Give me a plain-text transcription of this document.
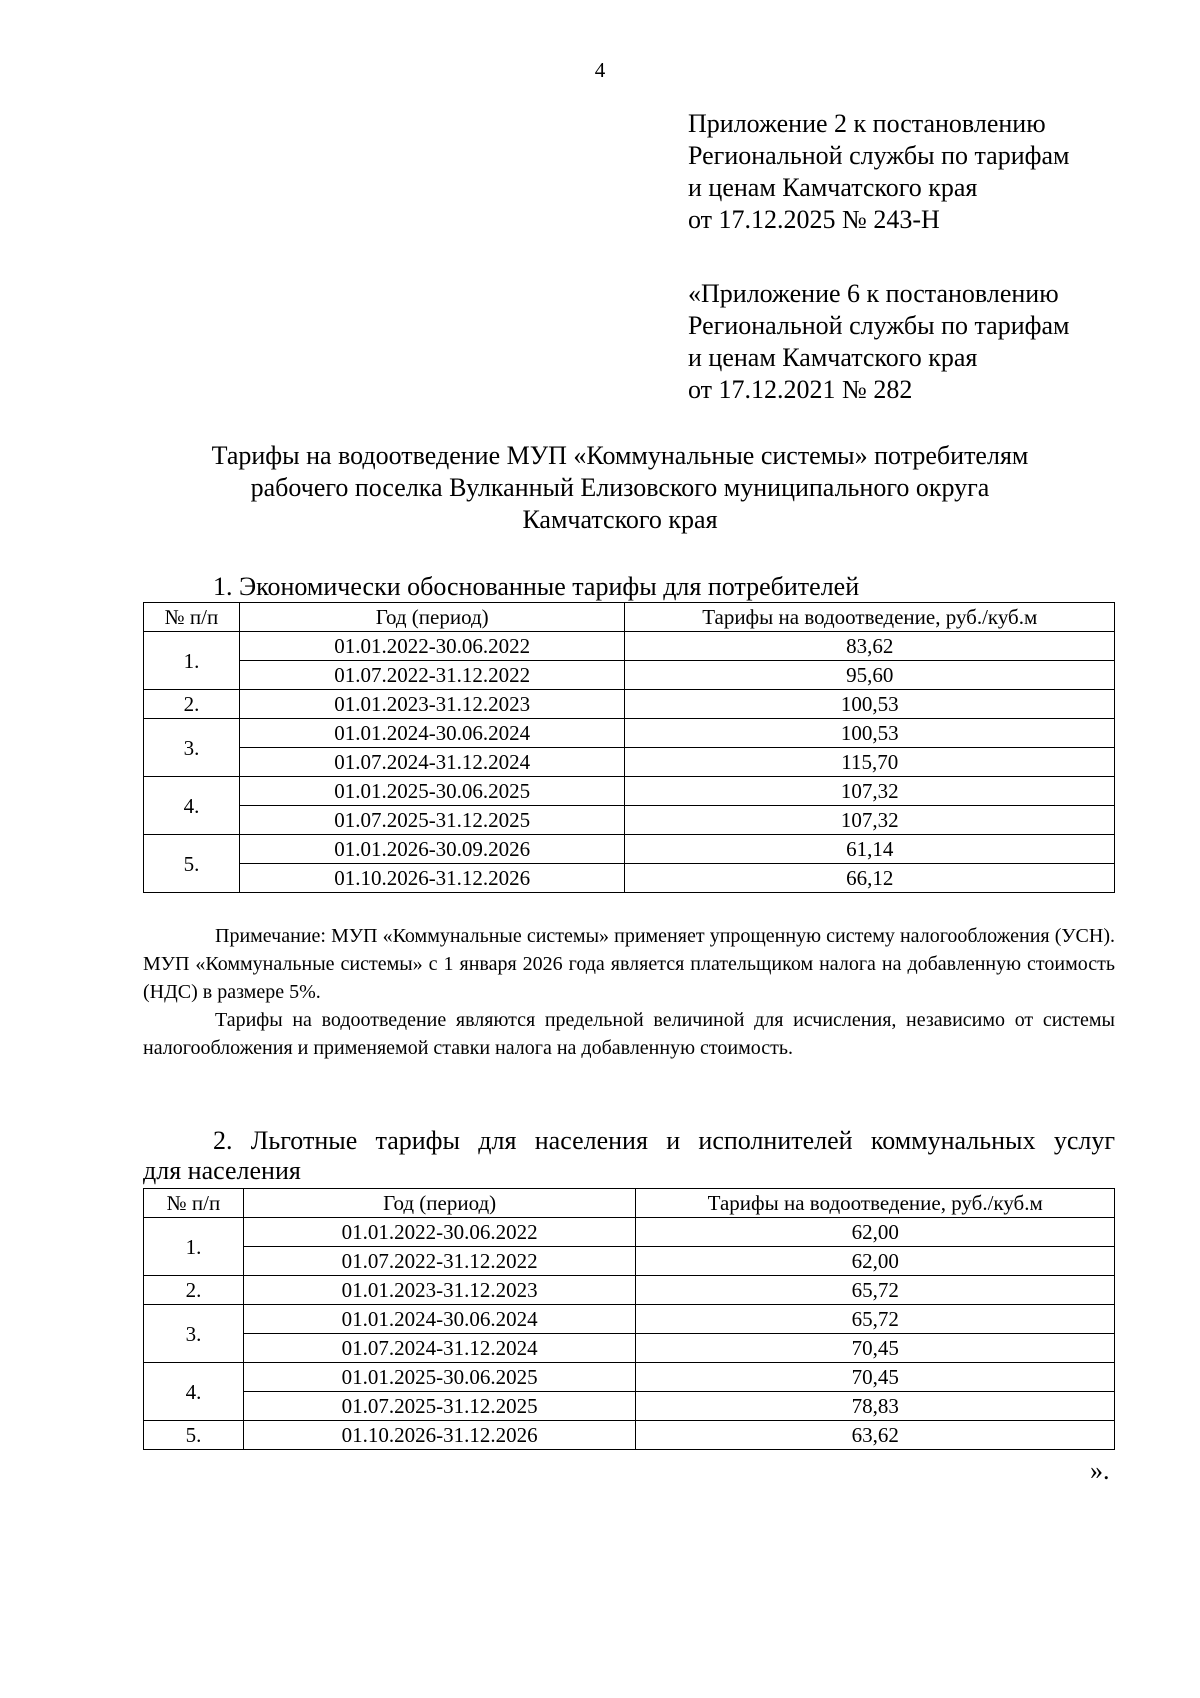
4
Приложение 2 к постановлению
Региональной службы по тарифам
и ценам Камчатского края
от 17.12.2025 № 243-Н
«Приложение 6 к постановлению
Региональной службы по тарифам
и ценам Камчатского края
от 17.12.2021 № 282
Тарифы на водоотведение МУП «Коммунальные системы» потребителям
рабочего поселка Вулканный Елизовского муниципального округа
Камчатского края
1. Экономически обоснованные тарифы для потребителей
№ п/п	Год (период)	Тарифы на водоотведение, руб./куб.м
1.	01.01.2022-30.06.2022	83,62
	01.07.2022-31.12.2022	95,60
2.	01.01.2023-31.12.2023	100,53
3.	01.01.2024-30.06.2024	100,53
	01.07.2024-31.12.2024	115,70
4.	01.01.2025-30.06.2025	107,32
	01.07.2025-31.12.2025	107,32
5.	01.01.2026-30.09.2026	61,14
	01.10.2026-31.12.2026	66,12

Примечание: МУП «Коммунальные системы» применяет упрощенную систему налогообложения (УСН). МУП «Коммунальные системы» с 1 января 2026 года является плательщиком налога на добавленную стоимость (НДС) в размере 5%.

Тарифы на водоотведение являются предельной величиной для исчисления, независимо от системы налогообложения и применяемой ставки налога на добавленную стоимость.

2. Льготные тарифы для населения и исполнителей коммунальных услуг
для населения
№ п/п	Год (период)	Тарифы на водоотведение, руб./куб.м
1.	01.01.2022-30.06.2022	62,00
	01.07.2022-31.12.2022	62,00
2.	01.01.2023-31.12.2023	65,72
3.	01.01.2024-30.06.2024	65,72
	01.07.2024-31.12.2024	70,45
4.	01.01.2025-30.06.2025	70,45
	01.07.2025-31.12.2025	78,83
5.	01.10.2026-31.12.2026	63,62
».
